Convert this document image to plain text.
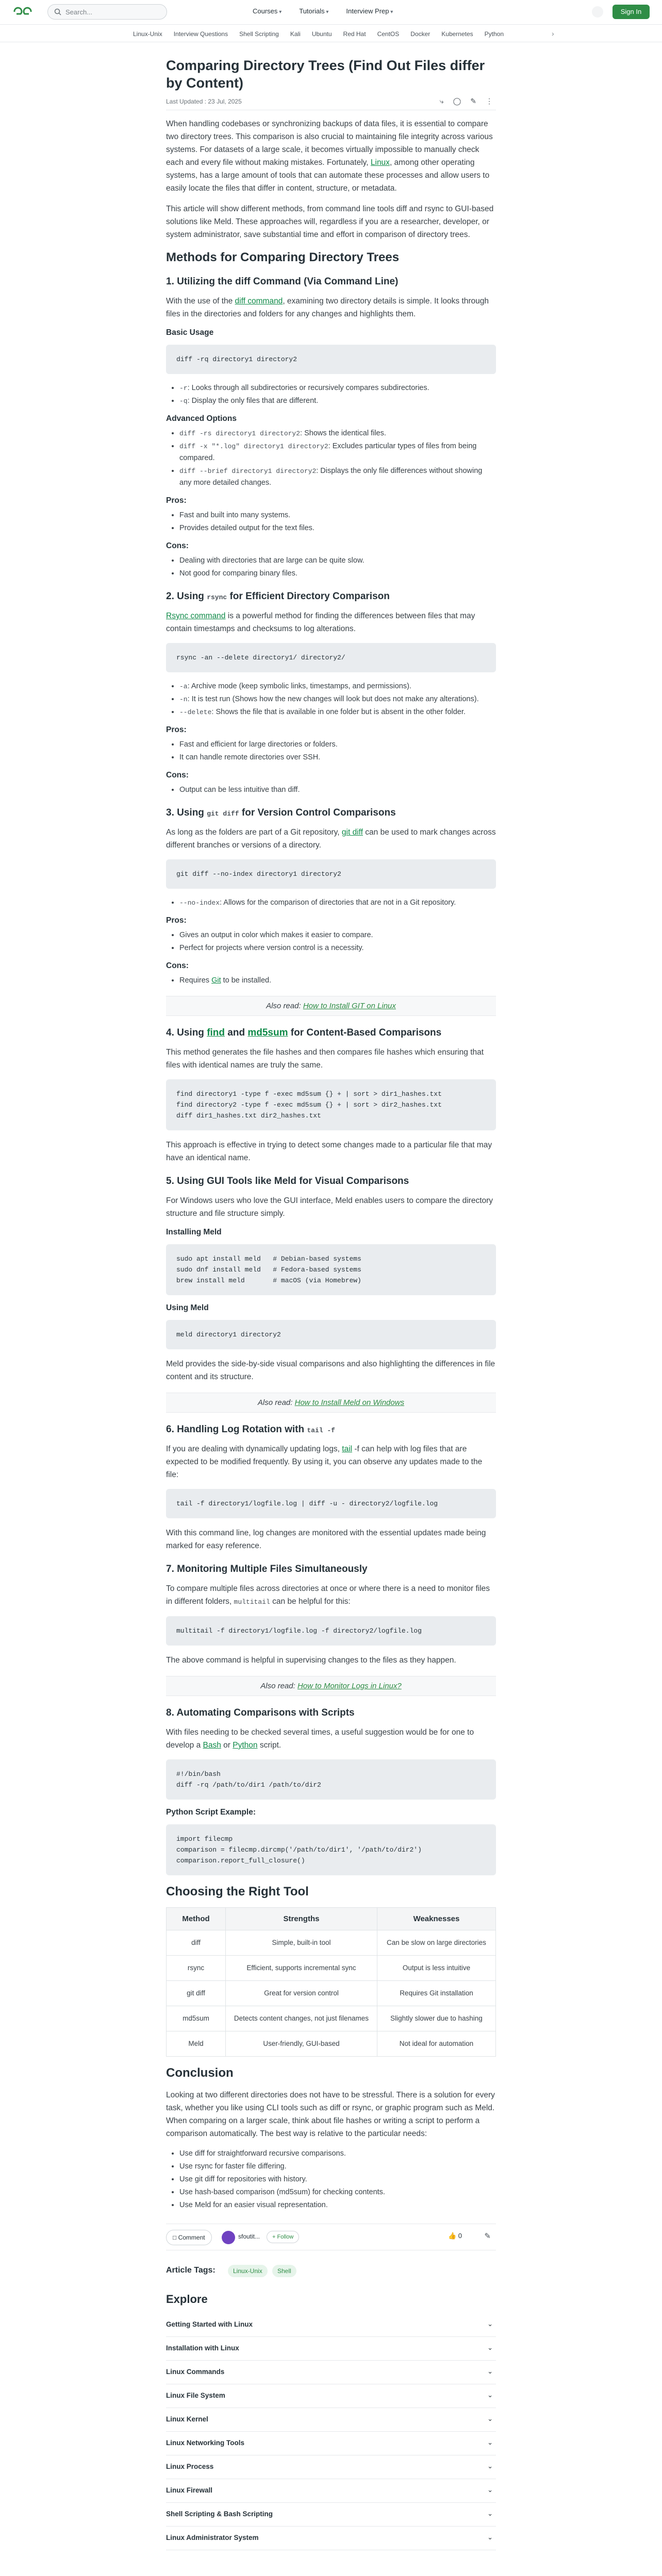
Search...	Courses ▾	Tutorials ▾	Interview Prep ▾	Sign In
Linux-Unix Interview Questions Shell Scripting Kali Ubuntu Red Hat CentOS Docker Kubernetes Python	›
Comparing Directory Trees (Find Out Files differ by Content)
Last Updated : 23 Jul, 2025	⤷ ◯ ✎ ⋮

When handling codebases or synchronizing backups of data files, it is essential to compare two directory trees. This comparison is also crucial to maintaining file integrity across various systems. For datasets of a large scale, it becomes virtually impossible to manually check each and every file without making mistakes. Fortunately, Linux, among other operating systems, has a large amount of tools that can automate these processes and allow users to easily locate the files that differ in content, structure, or metadata.

This article will show different methods, from command line tools diff and rsync to GUI-based solutions like Meld. These approaches will, regardless if you are a researcher, developer, or system administrator, save substantial time and effort in comparison of directory trees.

Methods for Comparing Directory Trees
1. Utilizing the diff Command (Via Command Line)

With the use of the diff command, examining two directory details is simple. It looks through files in the directories and folders for any changes and highlights them.

Basic Usage
diff -rq directory1 directory2
• -r: Looks through all subdirectories or recursively compares subdirectories.
• -q: Display the only files that are different.
Advanced Options
• diff -rs directory1 directory2: Shows the identical files.
• diff -x "*.log" directory1 directory2: Excludes particular types of files from being compared.
• diff --brief directory1 directory2: Displays the only file differences without showing any more detailed changes.
Pros:
• Fast and built into many systems.
• Provides detailed output for the text files.
Cons:
• Dealing with directories that are large can be quite slow.
• Not good for comparing binary files.
2. Using rsync for Efficient Directory Comparison

Rsync command is a powerful method for finding the differences between files that may contain timestamps and checksums to log alterations.

rsync -an --delete directory1/ directory2/
• -a: Archive mode (keep symbolic links, timestamps, and permissions).
• -n: It is test run (Shows how the new changes will look but does not make any alterations).
• --delete: Shows the file that is available in one folder but is absent in the other folder.
Pros:
• Fast and efficient for large directories or folders.
• It can handle remote directories over SSH.
Cons:
• Output can be less intuitive than diff.
3. Using git diff for Version Control Comparisons

As long as the folders are part of a Git repository, git diff can be used to mark changes across different branches or versions of a directory.

git diff --no-index directory1 directory2
• --no-index: Allows for the comparison of directories that are not in a Git repository.
Pros:
• Gives an output in color which makes it easier to compare.
• Perfect for projects where version control is a necessity.
Cons:
• Requires Git to be installed.
Also read: How to Install GIT on Linux
4. Using find and md5sum for Content-Based Comparisons

This method generates the file hashes and then compares file hashes which ensuring that files with identical names are truly the same.

find directory1 -type f -exec md5sum {} + | sort > dir1_hashes.txt
find directory2 -type f -exec md5sum {} + | sort > dir2_hashes.txt
diff dir1_hashes.txt dir2_hashes.txt

This approach is effective in trying to detect some changes made to a particular file that may have an identical name.

5. Using GUI Tools like Meld for Visual Comparisons

For Windows users who love the GUI interface, Meld enables users to compare the directory structure and file structure simply.

Installing Meld
sudo apt install meld   # Debian-based systems
sudo dnf install meld   # Fedora-based systems
brew install meld       # macOS (via Homebrew)
Using Meld
meld directory1 directory2

Meld provides the side-by-side visual comparisons and also highlighting the differences in file content and its structure.

Also read: How to Install Meld on Windows
6. Handling Log Rotation with tail -f

If you are dealing with dynamically updating logs, tail -f can help with log files that are expected to be modified frequently. By using it, you can observe any updates made to the file:

tail -f directory1/logfile.log | diff -u - directory2/logfile.log

With this command line, log changes are monitored with the essential updates made being marked for easy reference.

7. Monitoring Multiple Files Simultaneously

To compare multiple files across directories at once or where there is a need to monitor files in different folders, multitail can be helpful for this:

multitail -f directory1/logfile.log -f directory2/logfile.log

The above command is helpful in supervising changes to the files as they happen.

Also read: How to Monitor Logs in Linux?
8. Automating Comparisons with Scripts

With files needing to be checked several times, a useful suggestion would be for one to develop a Bash or Python script.

#!/bin/bash
diff -rq /path/to/dir1 /path/to/dir2
Python Script Example:
import filecmp
comparison = filecmp.dircmp('/path/to/dir1', '/path/to/dir2')
comparison.report_full_closure()
Choosing the Right Tool
Method	Strengths	Weaknesses
diff	Simple, built-in tool	Can be slow on large directories
rsync	Efficient, supports incremental sync	Output is less intuitive
git diff	Great for version control	Requires Git installation
md5sum	Detects content changes, not just filenames	Slightly slower due to hashing
Meld	User-friendly, GUI-based	Not ideal for automation
Conclusion

Looking at two different directories does not have to be stressful. There is a solution for every task, whether you like using CLI tools such as diff or rsync, or graphic program such as Meld. When comparing on a larger scale, think about file hashes or writing a script to perform a comparison automatically. The best way is relative to the particular needs:

• Use diff for straightforward recursive comparisons.
• Use rsync for faster file differing.
• Use git diff for repositories with history.
• Use hash-based comparison (md5sum) for checking contents.
• Use Meld for an easier visual representation.
□ Comment	sfoutit...	+ Follow	👍 0	✎
Article Tags:	Linux-Unix	Shell
Explore
Getting Started with Linux	⌄
Installation with Linux	⌄
Linux Commands	⌄
Linux File System	⌄
Linux Kernel	⌄
Linux Networking Tools	⌄
Linux Process	⌄
Linux Firewall	⌄
Shell Scripting & Bash Scripting	⌄
Linux Administrator System	⌄
